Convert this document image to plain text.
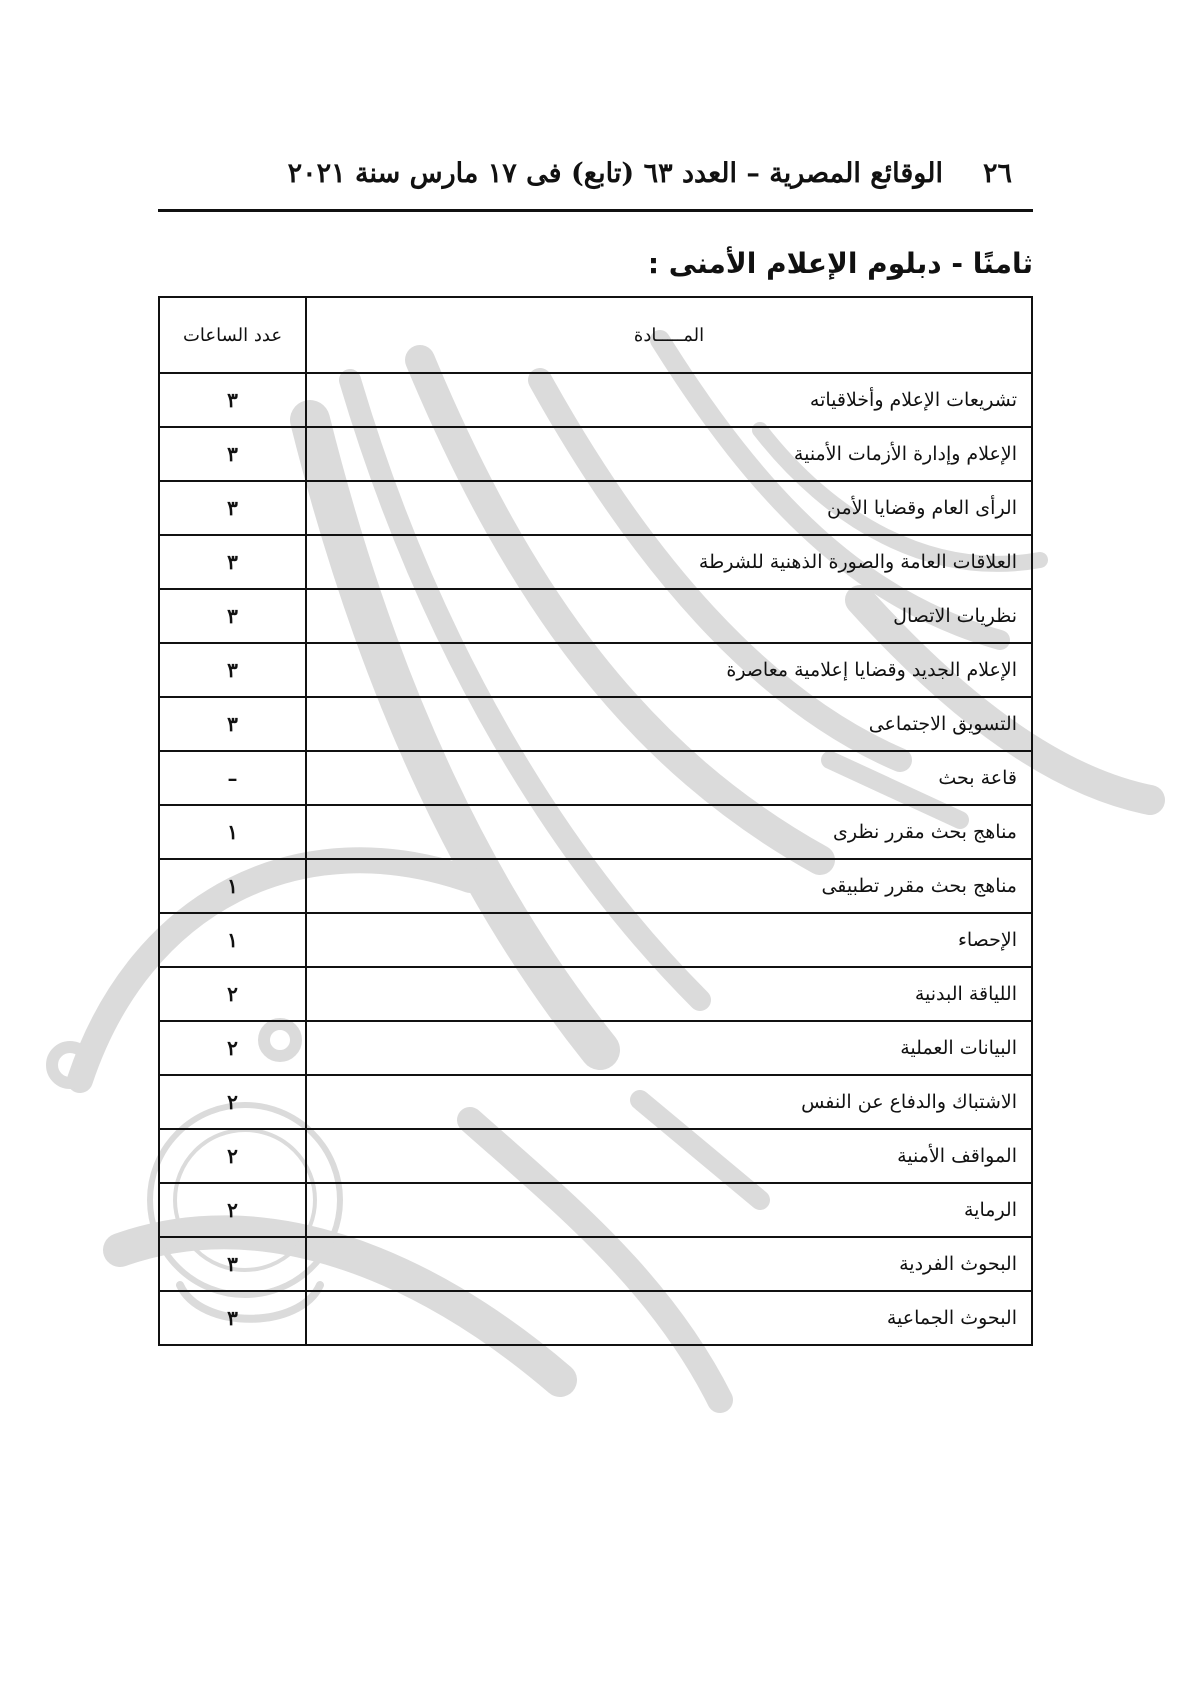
٢٦
الوقائع المصرية – العدد ٦٣ (تابع) فى ١٧ مارس سنة ٢٠٢١
ثامنًا - دبلوم الإعلام الأمنى :
المـــــادة	عدد الساعات
تشريعات الإعلام وأخلاقياته	٣
الإعلام وإدارة الأزمات الأمنية	٣
الرأى العام وقضايا الأمن	٣
العلاقات العامة والصورة الذهنية للشرطة	٣
نظريات الاتصال	٣
الإعلام الجديد وقضايا إعلامية معاصرة	٣
التسويق الاجتماعى	٣
قاعة بحث	–
مناهج بحث مقرر نظرى	١
مناهج بحث مقرر تطبيقى	١
الإحصاء	١
اللياقة البدنية	٢
البيانات العملية	٢
الاشتباك والدفاع عن النفس	٢
المواقف الأمنية	٢
الرماية	٢
البحوث الفردية	٣
البحوث الجماعية	٣
